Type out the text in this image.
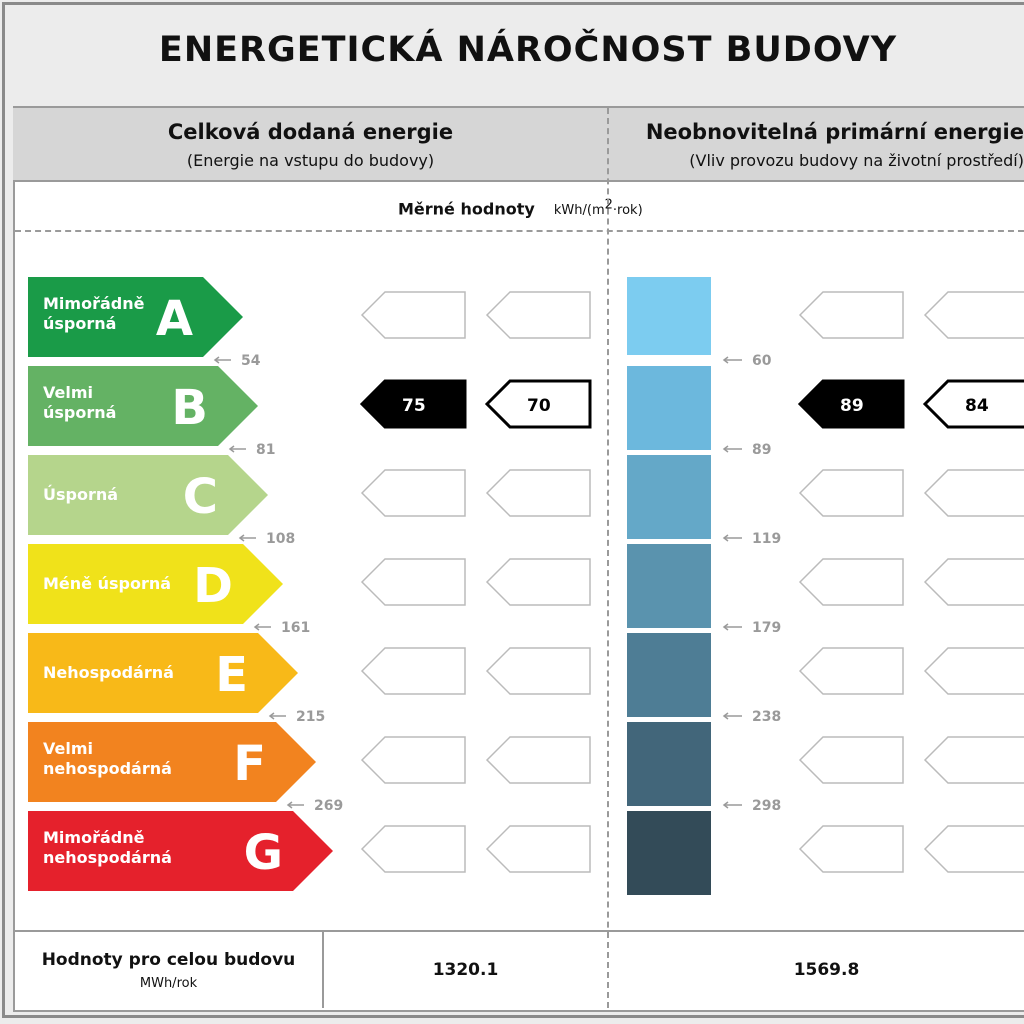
ENERGETICKÁ NÁROČNOST BUDOVY
Celková dodaná energie
(Energie na vstupu do budovy)
Neobnovitelná primární energie
(Vliv provozu budovy na životní prostředí)
Měrné hodnoty kWh/$(m^2\cdot rok)$
Mimořádně
úsporná A
54
Velmi
úsporná B
81
Úsporná C
108
Méně úsporná D
161
Nehospodárná E
215
Velmi
nehospodárná F
269
Mimořádně
nehospodárná G
60
89
119
179
238
298
75	70	89	84
Hodnoty pro celou budovu
MWh/rok
1320.1	1569.8
